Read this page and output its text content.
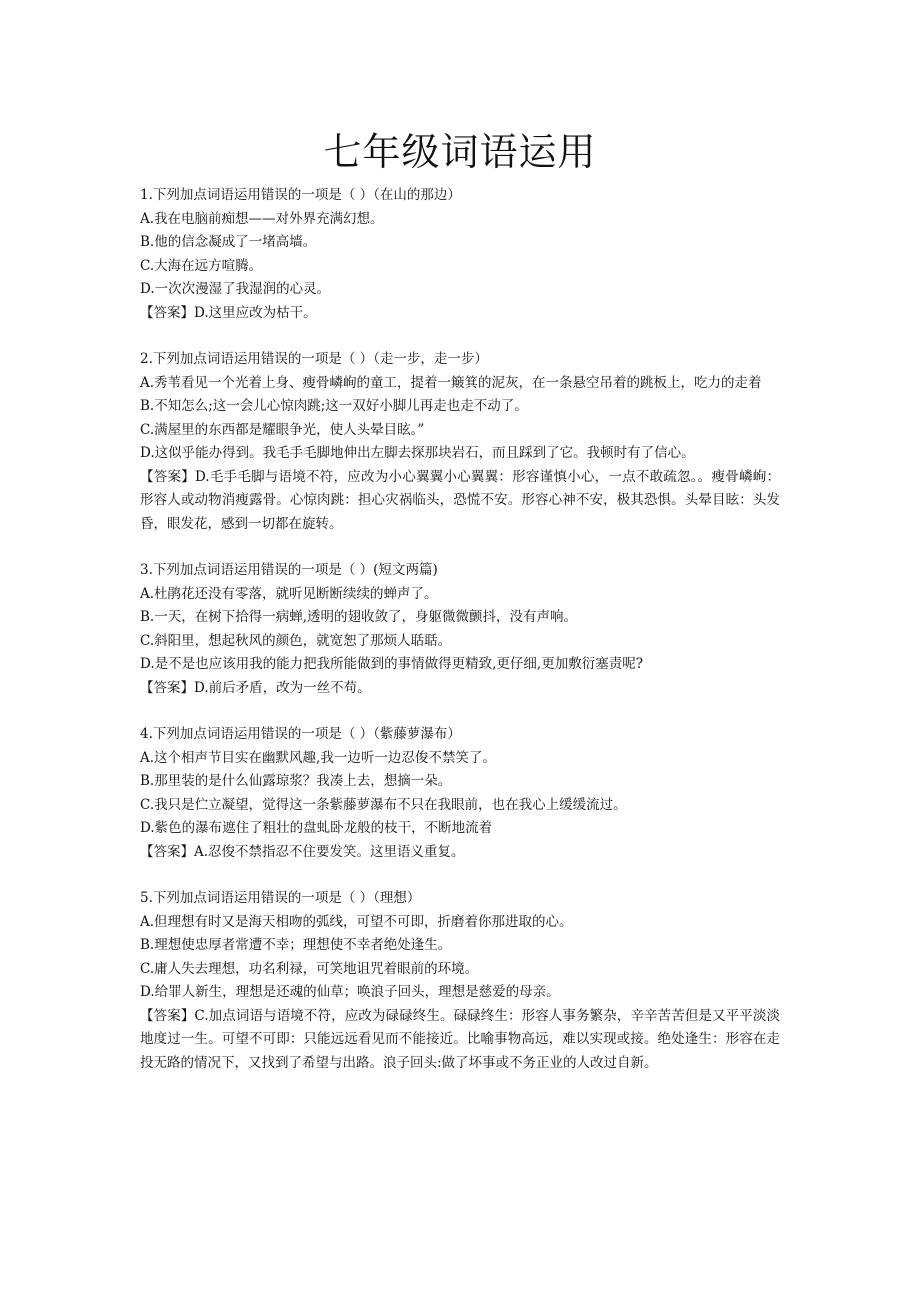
七年级词语运用
1.下列加点词语运用错误的一项是（ ）（在山的那边）
A.我在电脑前痴想——对外界充满幻想。
B.他的信念凝成了一堵高墙。
C.大海在远方喧腾。
D.一次次漫湿了我湿润的心灵。
【答案】D.这里应改为枯干。
2.下列加点词语运用错误的一项是（ ）（走一步，走一步）
A.秀苇看见一个光着上身、瘦骨嶙峋的童工，提着一簸箕的泥灰，在一条悬空吊着的跳板上，吃力的走着
B.不知怎么;这一会儿心惊肉跳;这一双好小脚儿再走也走不动了。
C.满屋里的东西都是耀眼争光，使人头晕目眩。”
D.这似乎能办得到。我毛手毛脚地伸出左脚去探那块岩石，而且踩到了它。我顿时有了信心。
【答案】D.毛手毛脚与语境不符，应改为小心翼翼小心翼翼：形容谨慎小心，一点不敢疏忽。。瘦骨嶙峋：形容人或动物消瘦露骨。心惊肉跳：担心灾祸临头，恐慌不安。形容心神不安，极其恐惧。头晕目眩：头发昏，眼发花，感到一切都在旋转。
3.下列加点词语运用错误的一项是（ ）(短文两篇)
A.杜鹃花还没有零落，就听见断断续续的蝉声了。
B.一天，在树下拾得一病蝉,透明的翅收敛了，身躯微微颤抖，没有声响。
C.斜阳里，想起秋风的颜色，就宽恕了那烦人聒聒。
D.是不是也应该用我的能力把我所能做到的事情做得更精致,更仔细,更加敷衍塞责呢?
【答案】D.前后矛盾，改为一丝不苟。
4.下列加点词语运用错误的一项是（ ）（紫藤萝瀑布）
A.这个相声节目实在幽默风趣,我一边听一边忍俊不禁笑了。
B.那里装的是什么仙露琼浆？我凑上去，想摘一朵。
C.我只是伫立凝望，觉得这一条紫藤萝瀑布不只在我眼前，也在我心上缓缓流过。
D.紫色的瀑布遮住了粗壮的盘虬卧龙般的枝干，不断地流着
【答案】A.忍俊不禁指忍不住要发笑。这里语义重复。
5.下列加点词语运用错误的一项是（ ）（理想）
A.但理想有时又是海天相吻的弧线，可望不可即，折磨着你那进取的心。
B.理想使忠厚者常遭不幸；理想使不幸者绝处逢生。
C.庸人失去理想，功名利禄，可笑地诅咒着眼前的环境。
D.给罪人新生，理想是还魂的仙草；唤浪子回头，理想是慈爱的母亲。
【答案】C.加点词语与语境不符，应改为碌碌终生。碌碌终生：形容人事务繁杂，辛辛苦苦但是又平平淡淡地度过一生。可望不可即：只能远远看见而不能接近。比喻事物高远，难以实现或接。绝处逢生：形容在走投无路的情况下，又找到了希望与出路。浪子回头:做了坏事或不务正业的人改过自新。
